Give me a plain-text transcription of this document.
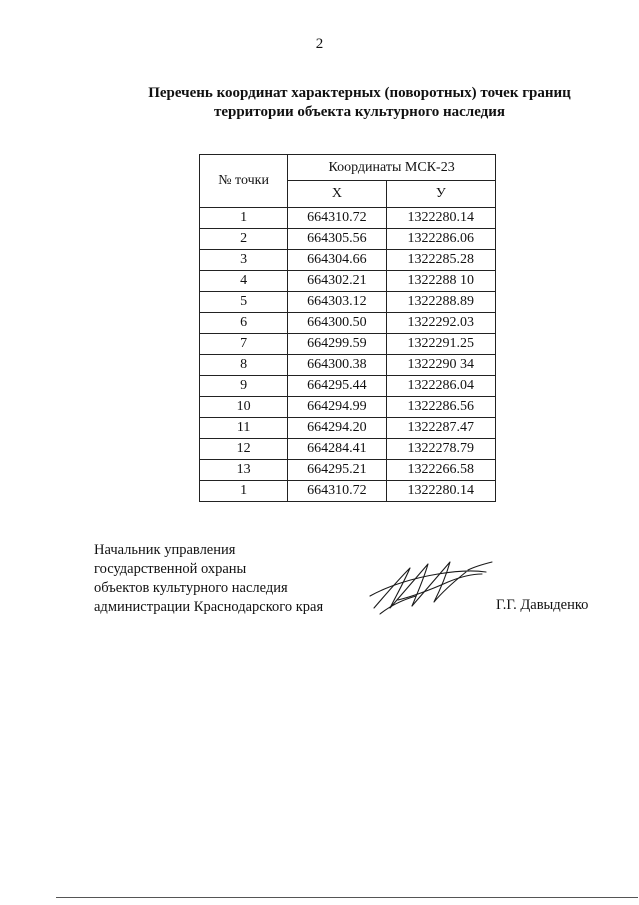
2
Перечень координат характерных (поворотных) точек границ
территории объекта культурного наследия
№ точки	Координаты МСК-23	
	X	У
1	664310.72	1322280.14
2	664305.56	1322286.06
3	664304.66	1322285.28
4	664302.21	1322288 10
5	664303.12	1322288.89
6	664300.50	1322292.03
7	664299.59	1322291.25
8	664300.38	1322290 34
9	664295.44	1322286.04
10	664294.99	1322286.56
11	664294.20	1322287.47
12	664284.41	1322278.79
13	664295.21	1322266.58
1	664310.72	1322280.14
Начальник управления
государственной охраны
объектов культурного наследия
администрации Краснодарского края	Г.Г. Давыденко
